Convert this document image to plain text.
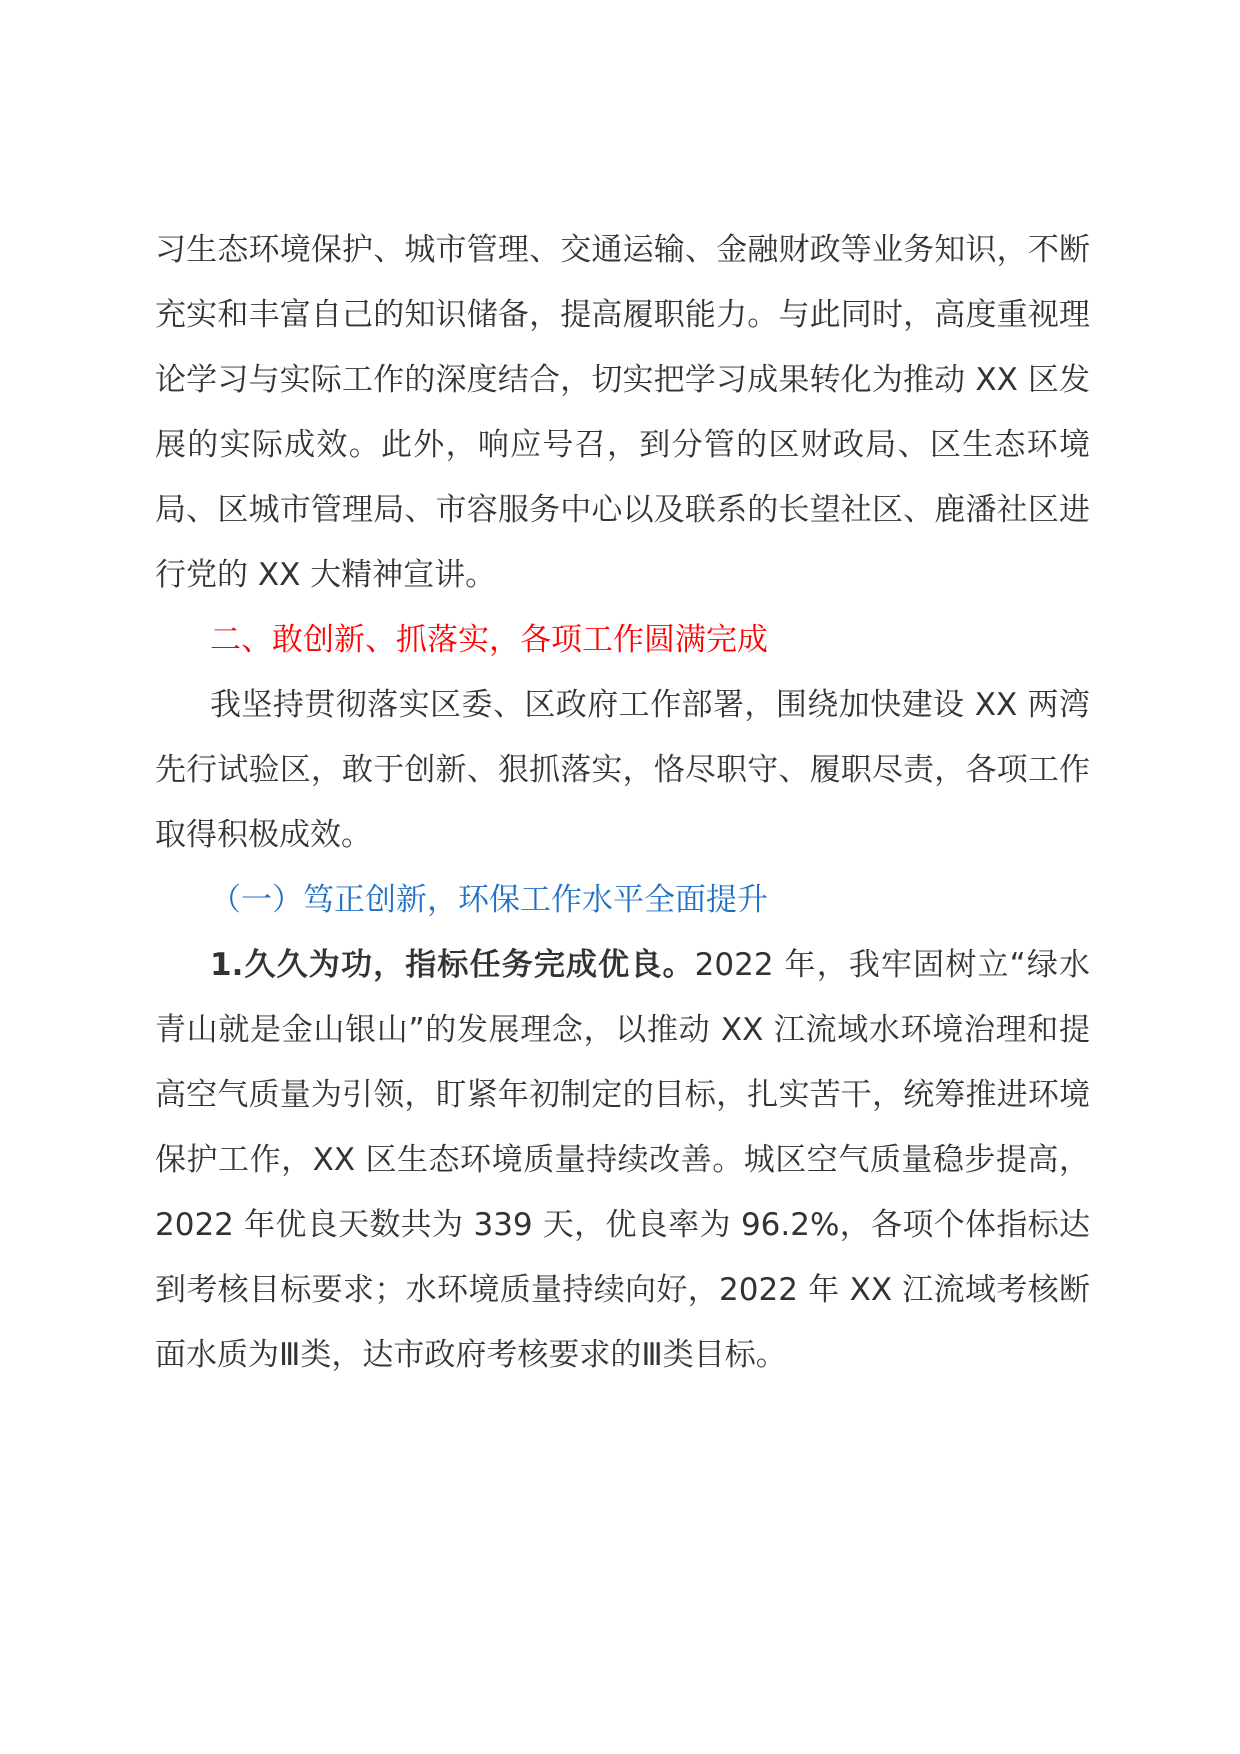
习生态环境保护、城市管理、交通运输、金融财政等业务知识，不断充实和丰富自己的知识储备，提高履职能力。与此同时，高度重视理论学习与实际工作的深度结合，切实把学习成果转化为推动 XX 区发展的实际成效。此外，响应号召，到分管的区财政局、区生态环境局、区城市管理局、市容服务中心以及联系的长望社区、鹿潘社区进行党的 XX 大精神宣讲。

二、敢创新、抓落实，各项工作圆满完成

我坚持贯彻落实区委、区政府工作部署，围绕加快建设 XX 两湾先行试验区，敢于创新、狠抓落实，恪尽职守、履职尽责，各项工作取得积极成效。

（一）笃正创新，环保工作水平全面提升

1.久久为功，指标任务完成优良。2022 年，我牢固树立“绿水青山就是金山银山”的发展理念，以推动 XX 江流域水环境治理和提高空气质量为引领，盯紧年初制定的目标，扎实苦干，统筹推进环境保护工作，XX 区生态环境质量持续改善。城区空气质量稳步提高，2022 年优良天数共为 339 天，优良率为 96.2%，各项个体指标达到考核目标要求；水环境质量持续向好，2022 年 XX 江流域考核断面水质为Ⅲ类，达市政府考核要求的Ⅲ类目标。
